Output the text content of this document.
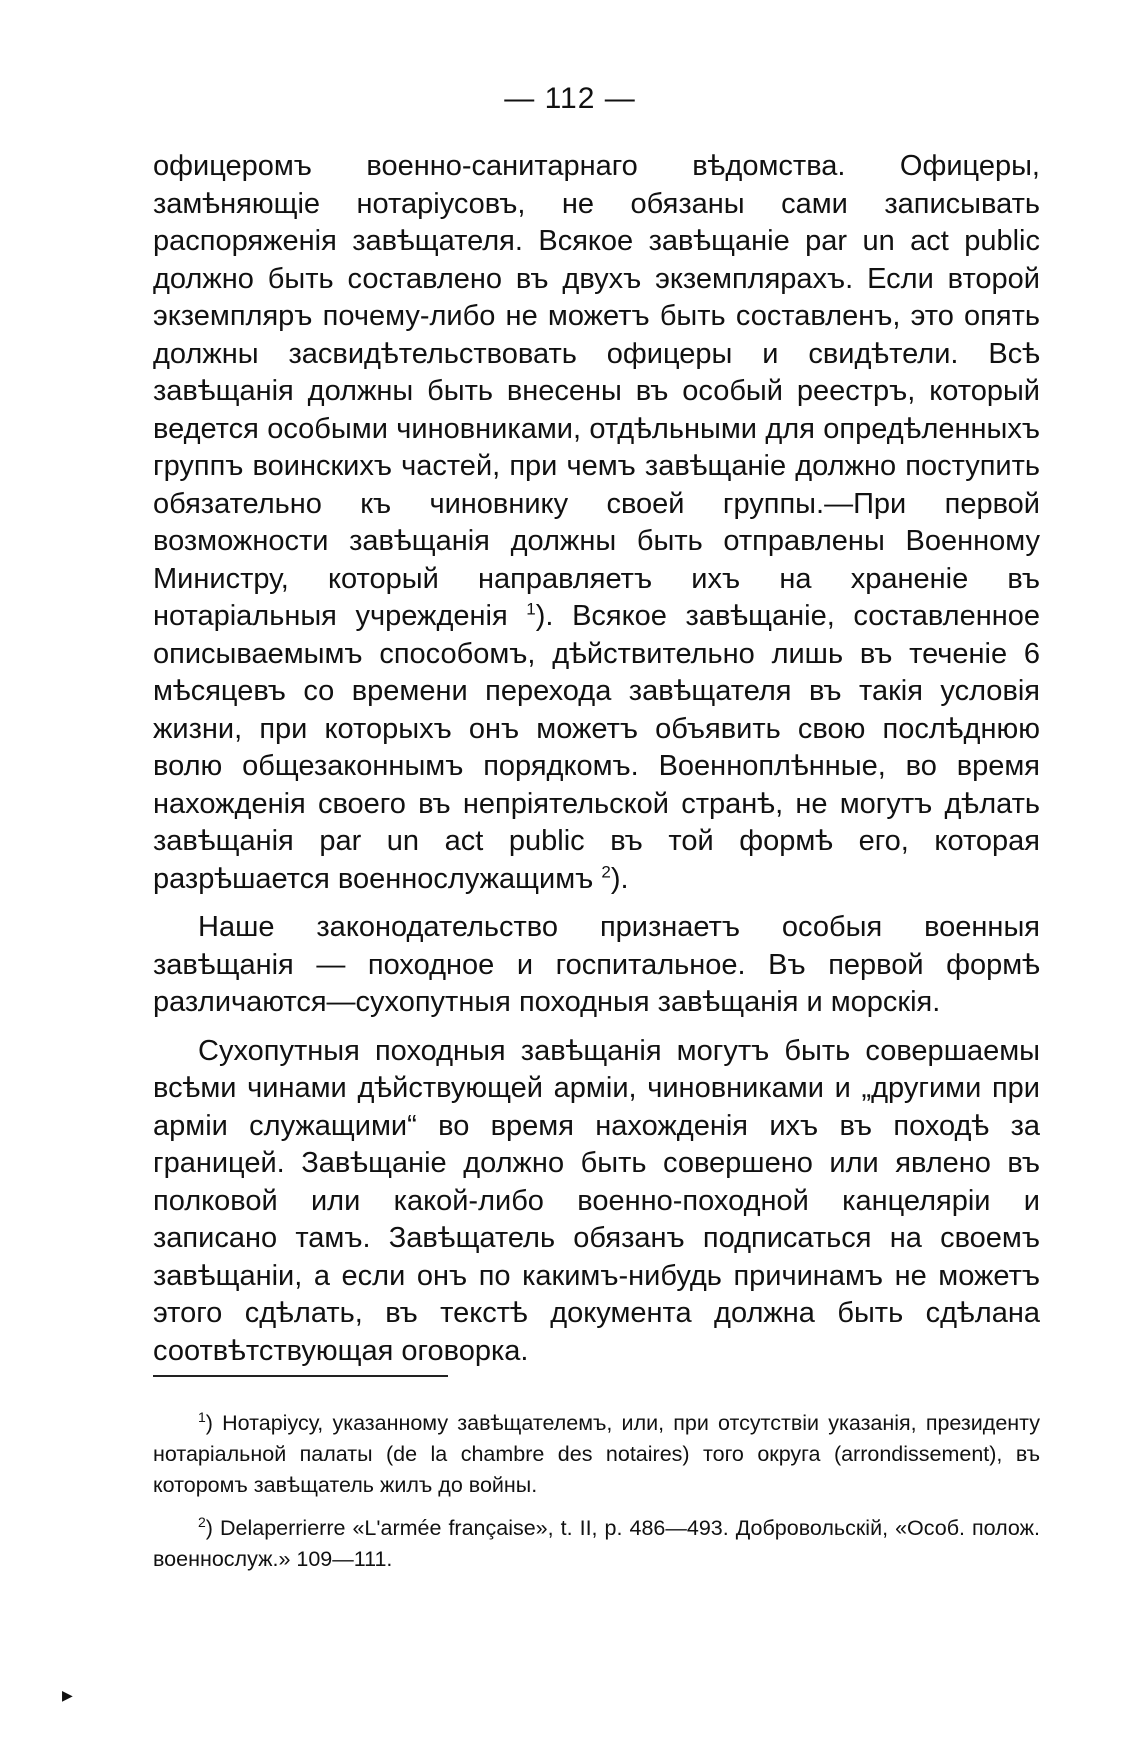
— 112 —

офицеромъ военно-санитарнаго вѣдомства. Офицеры, замѣняющіе нотаріусовъ, не обязаны сами записывать распоряженія завѣщателя. Всякое завѣщаніе par un act public должно быть составлено въ двухъ экземплярахъ. Если второй экземпляръ почему-либо не можетъ быть составленъ, это опять должны засвидѣтельствовать офицеры и свидѣтели. Всѣ завѣщанія должны быть внесены въ особый реестръ, который ведется особыми чиновниками, отдѣльными для опредѣленныхъ группъ воинскихъ частей, при чемъ завѣщаніе должно поступить обязательно къ чиновнику своей группы.—При первой возможности завѣщанія должны быть отправлены Военному Министру, который направляетъ ихъ на храненіе въ нотаріальныя учрежденія $^1$). Всякое завѣщаніе, составленное описываемымъ способомъ, дѣйствительно лишь въ теченіе 6 мѣсяцевъ со времени перехода завѣщателя въ такія условія жизни, при которыхъ онъ можетъ объявить свою послѣднюю волю общезаконнымъ порядкомъ. Военноплѣнные, во время нахожденія своего въ непріятельской странѣ, не могутъ дѣлать завѣщанія par un act public въ той формѣ его, которая разрѣшается военнослужащимъ $^2$).

Наше законодательство признаетъ особыя военныя завѣщанія — походное и госпитальное. Въ первой формѣ различаются—сухопутныя походныя завѣщанія и морскія.

Сухопутныя походныя завѣщанія могутъ быть совершаемы всѣми чинами дѣйствующей арміи, чиновниками и „другими при арміи служащими“ во время нахожденія ихъ въ походѣ за границей. Завѣщаніе должно быть совершено или явлено въ полковой или какой-либо военно-походной канцеляріи и записано тамъ. Завѣщатель обязанъ подписаться на своемъ завѣщаніи, а если онъ по какимъ-нибудь причинамъ не можетъ этого сдѣлать, въ текстѣ документа должна быть сдѣлана соотвѣтствующая оговорка.

$^1$) Нотаріусу, указанному завѣщателемъ, или, при отсутствіи указанія, президенту нотаріальной палаты (de la chambre des notaires) того округа (arrondissement), въ которомъ завѣщатель жилъ до войны.

$^2$) Delaperrierre «L'armée française», t. II, p. 486—493. Добровольскій, «Особ. полож. военнослуж.» 109—111.

▶
